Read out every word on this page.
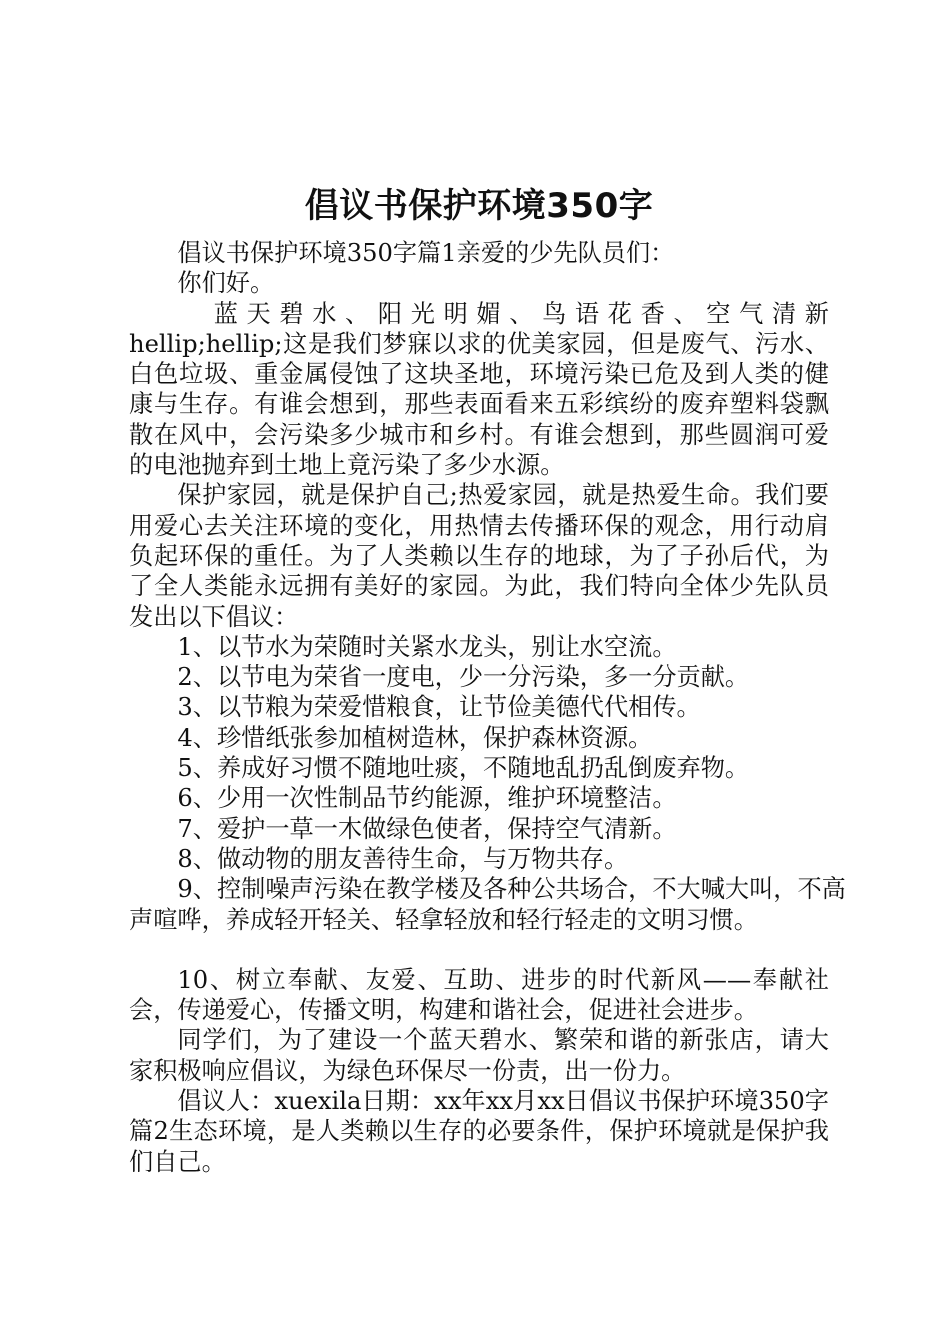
倡议书保护环境350字

倡议书保护环境350字篇1亲爱的少先队员们：

你们好。

蓝天碧水、阳光明媚、鸟语花香、空气清新

hellip;hellip;这是我们梦寐以求的优美家园，但是废气、污水、白色垃圾、重金属侵蚀了这块圣地，环境污染已危及到人类的健康与生存。有谁会想到，那些表面看来五彩缤纷的废弃塑料袋飘散在风中，会污染多少城市和乡村。有谁会想到，那些圆润可爱的电池抛弃到土地上竟污染了多少水源。

保护家园，就是保护自己;热爱家园，就是热爱生命。我们要用爱心去关注环境的变化，用热情去传播环保的观念，用行动肩负起环保的重任。为了人类赖以生存的地球，为了子孙后代，为了全人类能永远拥有美好的家园。为此，我们特向全体少先队员发出以下倡议：

1、以节水为荣随时关紧水龙头，别让水空流。

2、以节电为荣省一度电，少一分污染，多一分贡献。

3、以节粮为荣爱惜粮食，让节俭美德代代相传。

4、珍惜纸张参加植树造林，保护森林资源。

5、养成好习惯不随地吐痰，不随地乱扔乱倒废弃物。

6、少用一次性制品节约能源，维护环境整洁。

7、爱护一草一木做绿色使者，保持空气清新。

8、做动物的朋友善待生命，与万物共存。

9、控制噪声污染在教学楼及各种公共场合，不大喊大叫，不高声喧哗，养成轻开轻关、轻拿轻放和轻行轻走的文明习惯。

10、树立奉献、友爱、互助、进步的时代新风——奉献社会，传递爱心，传播文明，构建和谐社会，促进社会进步。

同学们，为了建设一个蓝天碧水、繁荣和谐的新张店，请大家积极响应倡议，为绿色环保尽一份责，出一份力。

倡议人：xuexila日期：xx年xx月xx日倡议书保护环境350字篇2生态环境，是人类赖以生存的必要条件，保护环境就是保护我们自己。
